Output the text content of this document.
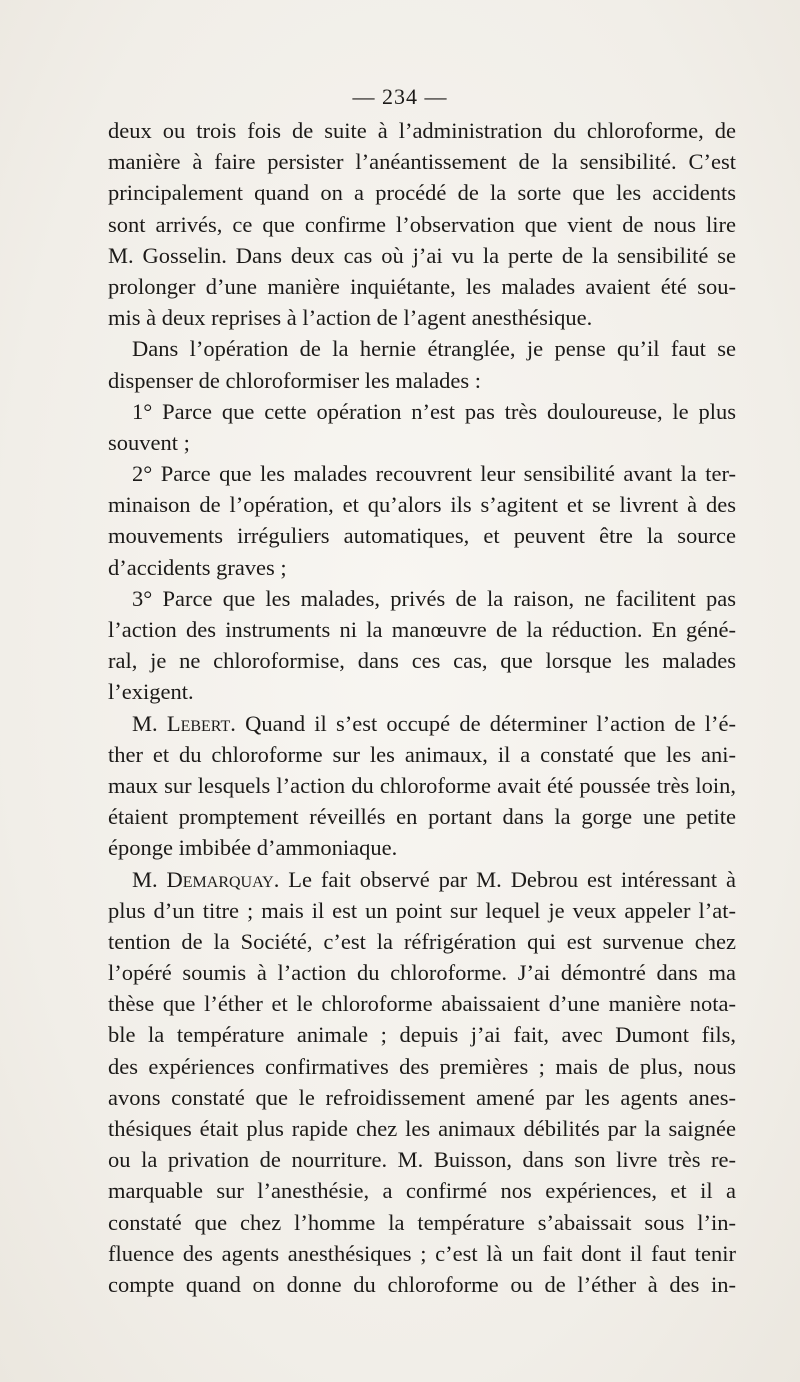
— 234 —
deux ou trois fois de suite à l’administration du chloroforme, de
manière à faire persister l’anéantissement de la sensibilité. C’est
principalement quand on a procédé de la sorte que les accidents
sont arrivés, ce que confirme l’observation que vient de nous lire
M. Gosselin. Dans deux cas où j’ai vu la perte de la sensibilité se
prolonger d’une manière inquiétante, les malades avaient été sou-
mis à deux reprises à l’action de l’agent anesthésique.
Dans l’opération de la hernie étranglée, je pense qu’il faut se
dispenser de chloroformiser les malades :
1° Parce que cette opération n’est pas très douloureuse, le plus
souvent ;
2° Parce que les malades recouvrent leur sensibilité avant la ter-
minaison de l’opération, et qu’alors ils s’agitent et se livrent à des
mouvements irréguliers automatiques, et peuvent être la source
d’accidents graves ;
3° Parce que les malades, privés de la raison, ne facilitent pas
l’action des instruments ni la manœuvre de la réduction. En géné-
ral, je ne chloroformise, dans ces cas, que lorsque les malades
l’exigent.
M. Lebert. Quand il s’est occupé de déterminer l’action de l’é-
ther et du chloroforme sur les animaux, il a constaté que les ani-
maux sur lesquels l’action du chloroforme avait été poussée très loin,
étaient promptement réveillés en portant dans la gorge une petite
éponge imbibée d’ammoniaque.
M. Demarquay. Le fait observé par M. Debrou est intéressant à
plus d’un titre ; mais il est un point sur lequel je veux appeler l’at-
tention de la Société, c’est la réfrigération qui est survenue chez
l’opéré soumis à l’action du chloroforme. J’ai démontré dans ma
thèse que l’éther et le chloroforme abaissaient d’une manière nota-
ble la température animale ; depuis j’ai fait, avec Dumont fils,
des expériences confirmatives des premières ; mais de plus, nous
avons constaté que le refroidissement amené par les agents anes-
thésiques était plus rapide chez les animaux débilités par la saignée
ou la privation de nourriture. M. Buisson, dans son livre très re-
marquable sur l’anesthésie, a confirmé nos expériences, et il a
constaté que chez l’homme la température s’abaissait sous l’in-
fluence des agents anesthésiques ; c’est là un fait dont il faut tenir
compte quand on donne du chloroforme ou de l’éther à des in-
